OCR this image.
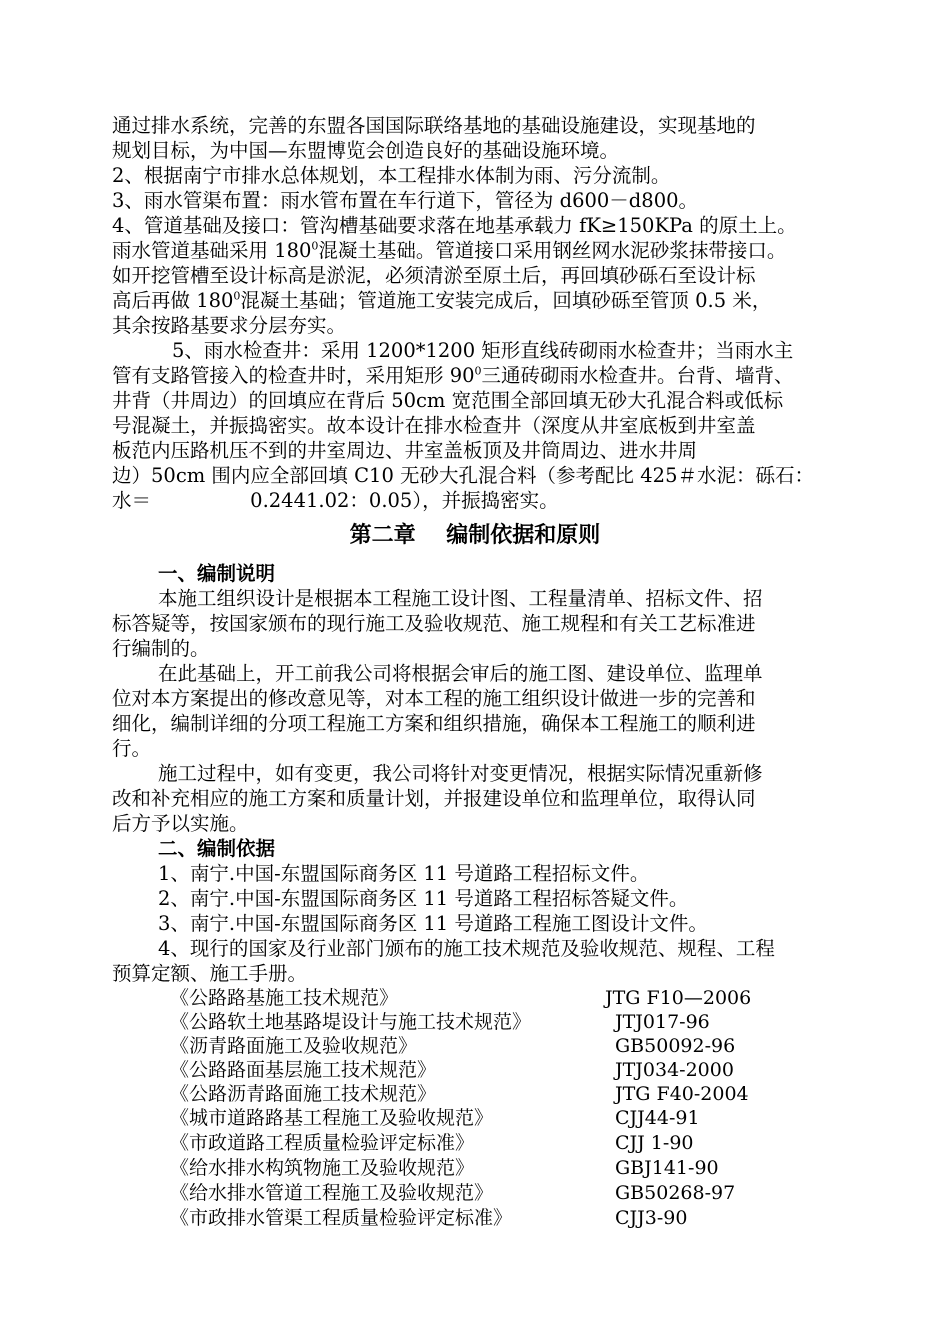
通过排水系统，完善的东盟各国国际联络基地的基础设施建设，实现基地的
规划目标，为中国—东盟博览会创造良好的基础设施环境。
2、根据南宁市排水总体规划，本工程排水体制为雨、污分流制。
3、雨水管渠布置：雨水管布置在车行道下，管径为 d600－d800。
4、管道基础及接口：管沟槽基础要求落在地基承载力 fK≥150KPa 的原土上。
雨水管道基础采用 $180^0$混凝土基础。管道接口采用钢丝网水泥砂浆抹带接口。
如开挖管槽至设计标高是淤泥，必须清淤至原土后，再回填砂砾石至设计标
高后再做 $180^0$混凝土基础；管道施工安装完成后，回填砂砾至管顶 0.5 米，
其余按路基要求分层夯实。
5、雨水检查井：采用 1200*1200 矩形直线砖砌雨水检查井；当雨水主
管有支路管接入的检查井时，采用矩形 $90^0$三通砖砌雨水检查井。台背、墙背、
井背（井周边）的回填应在背后 50cm 宽范围全部回填无砂大孔混合料或低标
号混凝土，并振捣密实。故本设计在排水检查井（深度从井室底板到井室盖
板范内压路机压不到的井室周边、井室盖板顶及井筒周边、进水井周
边）50cm 围内应全部回填 C10 无砂大孔混合料（参考配比 425＃水泥：砾石：
水＝                0.2441.02：0.05），并振捣密实。
第二章    编制依据和原则
一、编制说明
本施工组织设计是根据本工程施工设计图、工程量清单、招标文件、招
标答疑等，按国家颁布的现行施工及验收规范、施工规程和有关工艺标准进
行编制的。
在此基础上，开工前我公司将根据会审后的施工图、建设单位、监理单
位对本方案提出的修改意见等，对本工程的施工组织设计做进一步的完善和
细化，编制详细的分项工程施工方案和组织措施，确保本工程施工的顺利进
行。
施工过程中，如有变更，我公司将针对变更情况，根据实际情况重新修
改和补充相应的施工方案和质量计划，并报建设单位和监理单位，取得认同
后方予以实施。
二、编制依据
1、南宁.中国-东盟国际商务区 11 号道路工程招标文件。
2、南宁.中国-东盟国际商务区 11 号道路工程招标答疑文件。
3、南宁.中国-东盟国际商务区 11 号道路工程施工图设计文件。
4、现行的国家及行业部门颁布的施工技术规范及验收规范、规程、工程
预算定额、施工手册。
《公路路基施工技术规范》	JTG F10—2006
《公路软土地基路堤设计与施工技术规范》	JTJ017-96
《沥青路面施工及验收规范》	GB50092-96
《公路路面基层施工技术规范》	JTJ034-2000
《公路沥青路面施工技术规范》	JTG F40-2004
《城市道路路基工程施工及验收规范》	CJJ44-91
《市政道路工程质量检验评定标准》	CJJ 1-90
《给水排水构筑物施工及验收规范》	GBJ141-90
《给水排水管道工程施工及验收规范》	GB50268-97
《市政排水管渠工程质量检验评定标准》	CJJ3-90
